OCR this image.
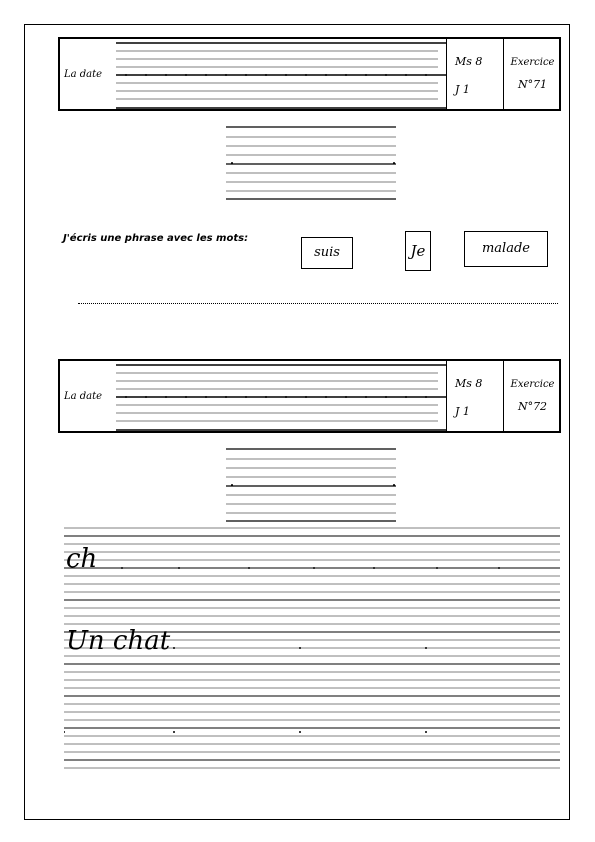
La date
Ms 8
J 1
Exercice
N°71
J'écris une phrase avec les mots:
suis	Je	malade
La date
Ms 8
J 1
Exercice
N°72
ch
Un chat
